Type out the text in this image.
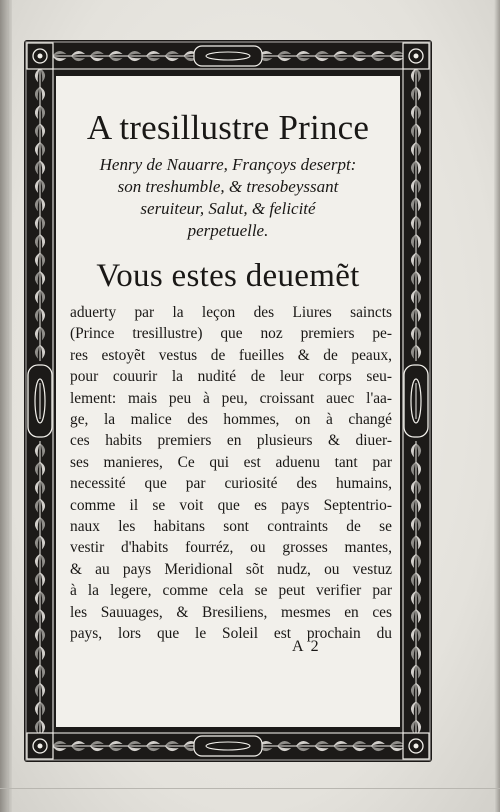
A tresillustre Prince
Henry de Nauarre, Françoys deserpt:
son treshumble, & tresobeyssant
seruiteur, Salut, & felicité
perpetuelle.
Vous estes deuemẽt
aduerty par la leçon des Liures saincts
(Prince tresillustre) que noz premiers pe-
res estoyẽt vestus de fueilles & de peaux,
pour couurir la nudité de leur corps seu-
lement: mais peu à peu, croissant auec l'aa-
ge, la malice des hommes, on à changé
ces habits premiers en plusieurs & diuer-
ses manieres, Ce qui est aduenu tant par
necessité que par curiosité des humains,
comme il se voit que es pays Septentrio-
naux les habitans sont contraints de se
vestir d'habits fourréz, ou grosses mantes,
& au pays Meridional sõt nudz, ou vestuz
à la legere, comme cela se peut verifier par
les Sauuages, & Bresiliens, mesmes en ces
pays, lors que le Soleil est prochain du
A 2
